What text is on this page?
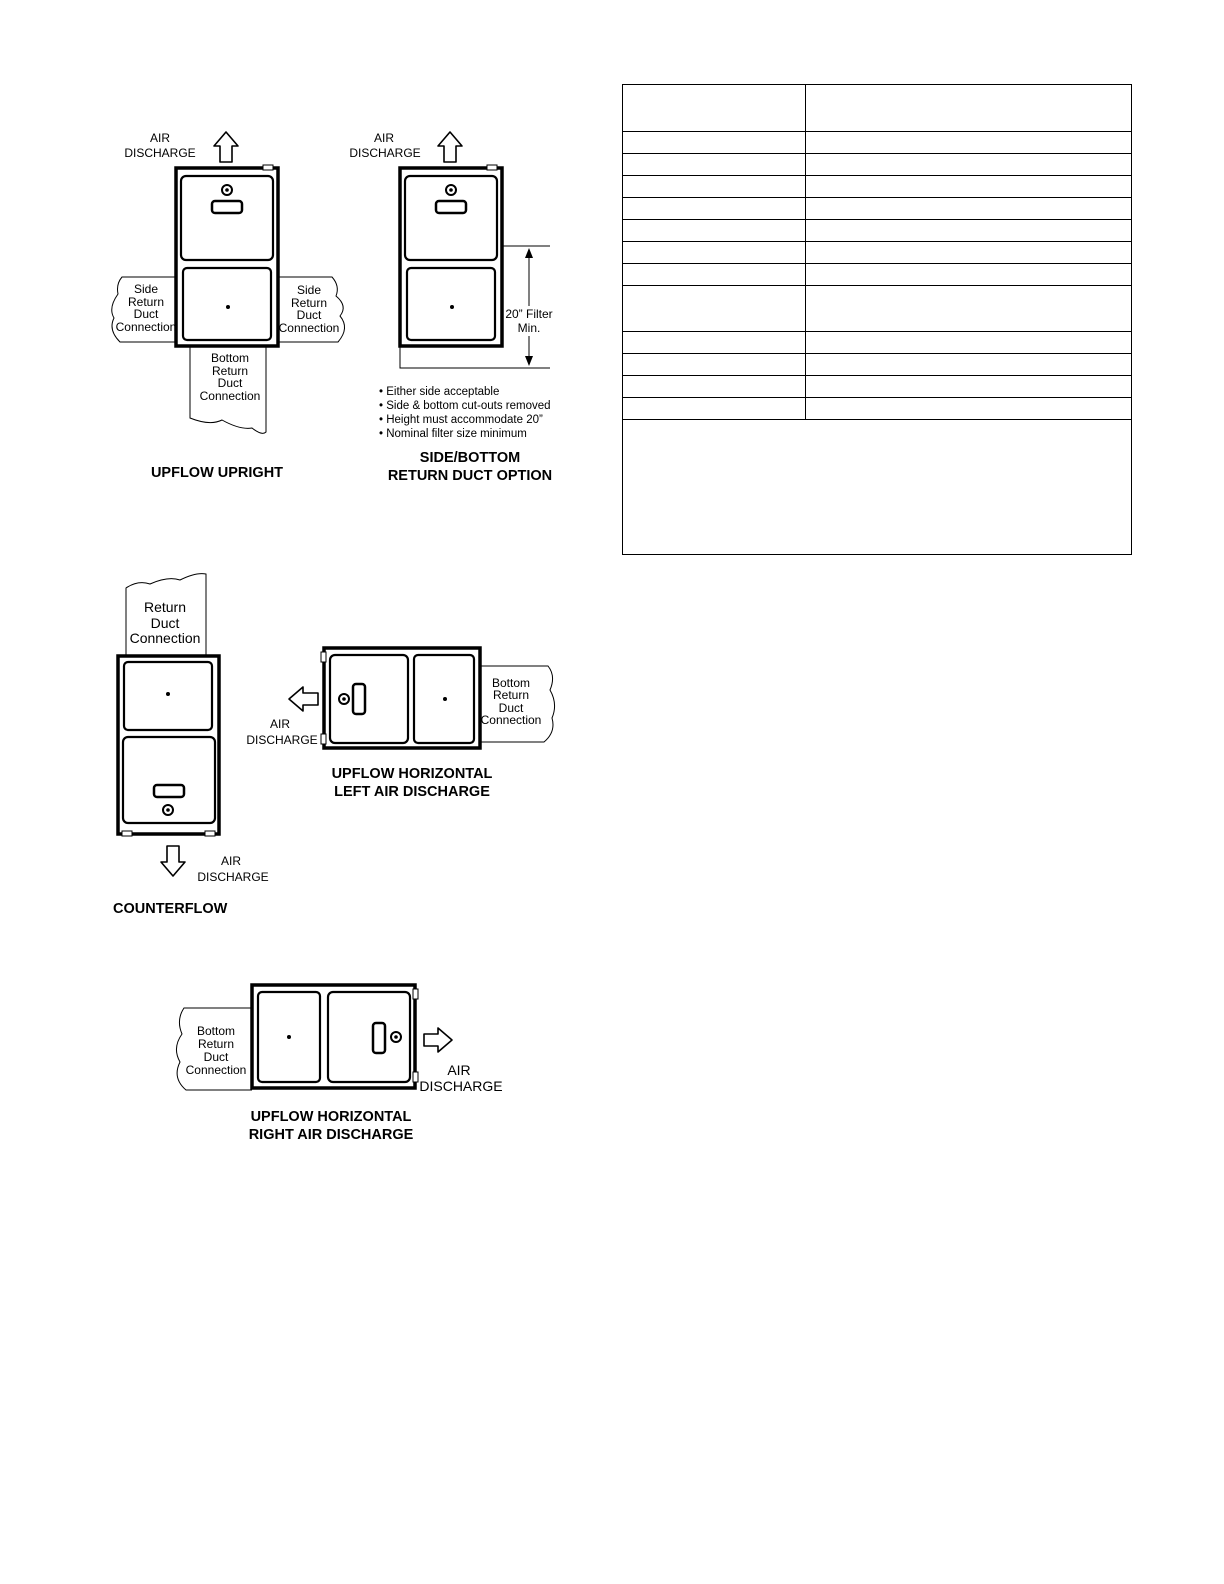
AIR
DISCHARGE
Side
Return
Duct
Connection
Side
Return
Duct
Connection
Bottom
Return
Duct
Connection
UPFLOW UPRIGHT
AIR
DISCHARGE
20” Filter
Min.
• Either side acceptable
• Side & bottom cut-outs removed
• Height must accommodate 20”
• Nominal filter size minimum
SIDE/BOTTOM
RETURN DUCT OPTION
Return
Duct
Connection
AIR
DISCHARGE
COUNTERFLOW
AIR
DISCHARGE
Bottom
Return
Duct
Connection
UPFLOW HORIZONTAL
LEFT AIR DISCHARGE
Bottom
Return
Duct
Connection	AIR
DISCHARGE
UPFLOW HORIZONTAL
RIGHT AIR DISCHARGE
